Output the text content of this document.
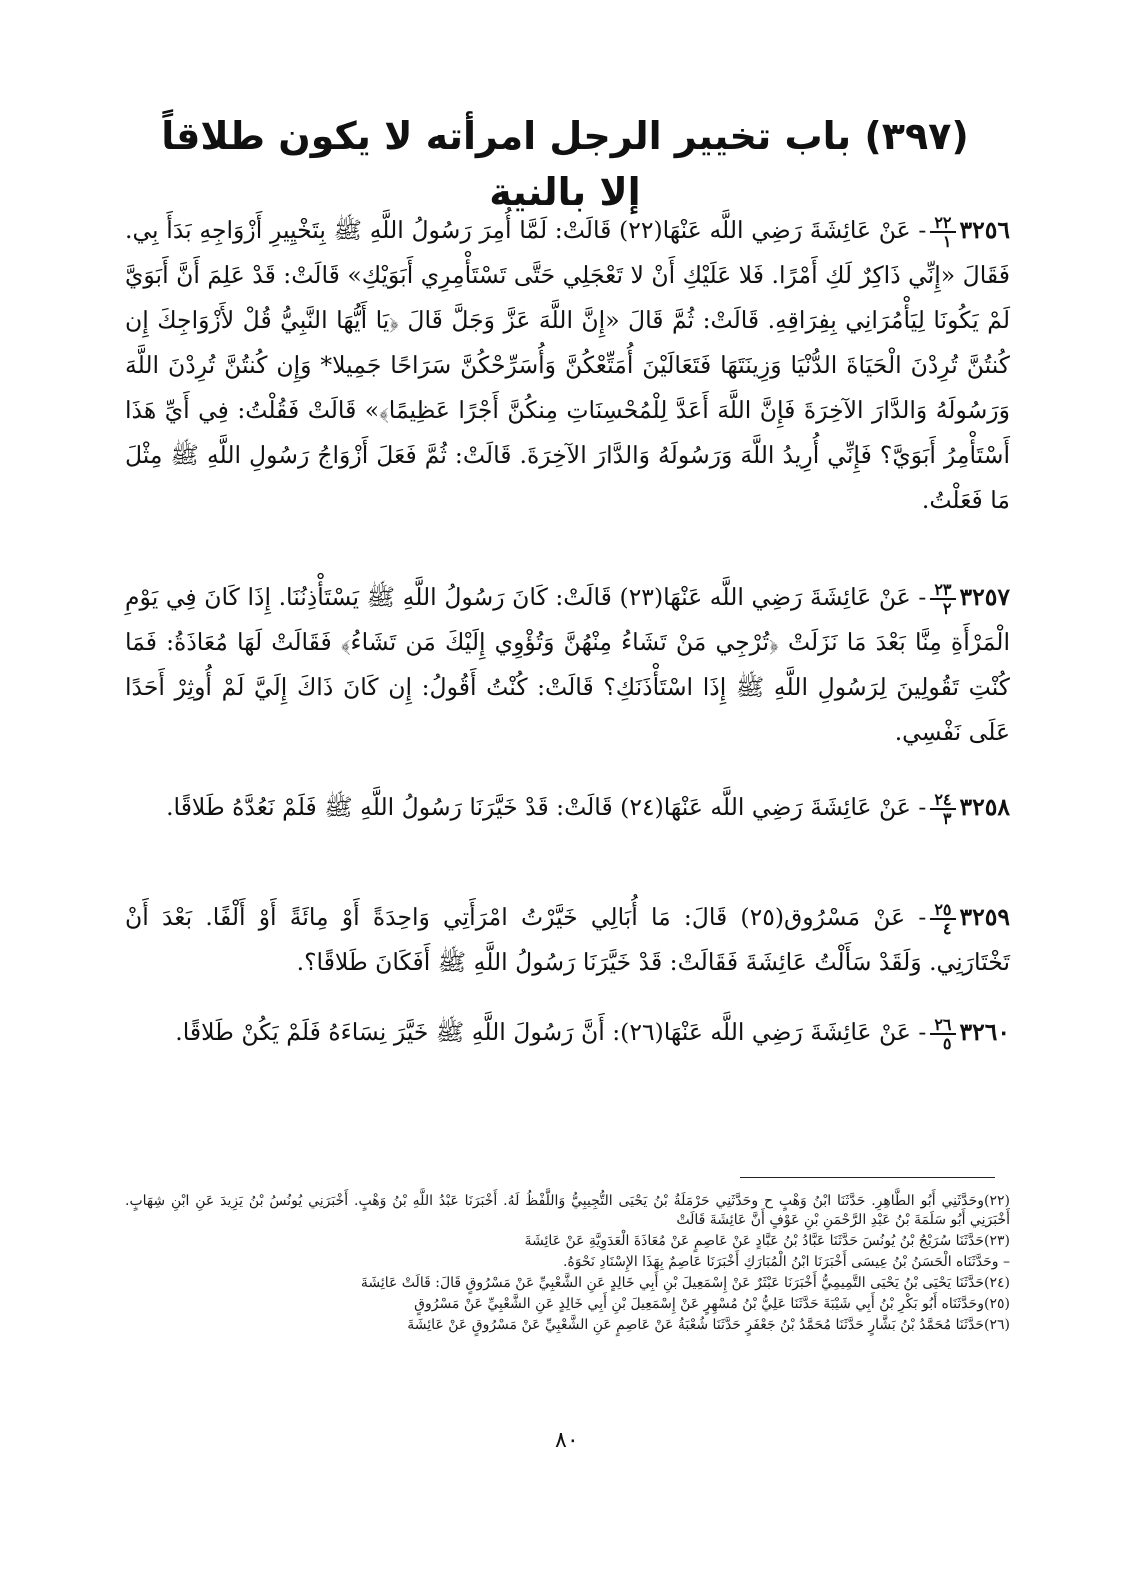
(٣٩٧) باب تخيير الرجل امرأته لا يكون طلاقاً إلا بالنية
٣٢٥٦
٢٢
١
- عَنْ عَائِشَةَ رَضِي اللَّه عَنْهَا(٢٢) قَالَتْ: لَمَّا أُمِرَ رَسُولُ اللَّهِ ﷺ بِتَخْيِيرِ أَزْوَاجِهِ بَدَأَ بِي. فَقَالَ «إِنِّي ذَاكِرٌ لَكِ أَمْرًا. فَلا عَلَيْكِ أَنْ لا تَعْجَلِي حَتَّى تَسْتَأْمِرِي أَبَوَيْكِ» قَالَتْ: قَدْ عَلِمَ أَنَّ أَبَوَيَّ لَمْ يَكُونَا لِيَأْمُرَانِي بِفِرَاقِهِ. قَالَتْ: ثُمَّ قَالَ «إِنَّ اللَّهَ عَزَّ وَجَلَّ قَالَ ﴿يَا أَيُّهَا النَّبِيُّ قُلْ لأَزْوَاجِكَ إِن كُنتُنَّ تُرِدْنَ الْحَيَاةَ الدُّنْيَا وَزِينَتَهَا فَتَعَالَيْنَ أُمَتِّعْكُنَّ وَأُسَرِّحْكُنَّ سَرَاحًا جَمِيلا* وَإِن كُنتُنَّ تُرِدْنَ اللَّهَ وَرَسُولَهُ وَالدَّارَ الآخِرَةَ فَإِنَّ اللَّهَ أَعَدَّ لِلْمُحْسِنَاتِ مِنكُنَّ أَجْرًا عَظِيمًا﴾» قَالَتْ فَقُلْتُ: فِي أَيِّ هَذَا أَسْتَأْمِرُ أَبَوَيَّ؟ فَإِنِّي أُرِيدُ اللَّهَ وَرَسُولَهُ وَالدَّارَ الآخِرَةَ. قَالَتْ: ثُمَّ فَعَلَ أَزْوَاجُ رَسُولِ اللَّهِ ﷺ مِثْلَ مَا فَعَلْتُ.
٣٢٥٧
٢٣
٢
- عَنْ عَائِشَةَ رَضِي اللَّه عَنْهَا(٢٣) قَالَتْ: كَانَ رَسُولُ اللَّهِ ﷺ يَسْتَأْذِنُنَا. إِذَا كَانَ فِي يَوْمِ الْمَرْأَةِ مِنَّا بَعْدَ مَا نَزَلَتْ ﴿تُرْجِي مَنْ تَشَاءُ مِنْهُنَّ وَتُؤْوِي إِلَيْكَ مَن تَشَاءُ﴾ فَقَالَتْ لَهَا مُعَاذَةُ: فَمَا كُنْتِ تَقُولِينَ لِرَسُولِ اللَّهِ ﷺ إِذَا اسْتَأْذَنَكِ؟ قَالَتْ: كُنْتُ أَقُولُ: إِن كَانَ ذَاكَ إِلَيَّ لَمْ أُوثِرْ أَحَدًا عَلَى نَفْسِي.
٣٢٥٨
٢٤
٣
- عَنْ عَائِشَةَ رَضِي اللَّه عَنْهَا(٢٤) قَالَتْ: قَدْ خَيَّرَنَا رَسُولُ اللَّهِ ﷺ فَلَمْ نَعُدَّهُ طَلاقًا.
٣٢٥٩
٢٥
٤
- عَنْ مَسْرُوق(٢٥) قَالَ: مَا أُبَالِي خَيَّرْتُ امْرَأَتِي وَاحِدَةً أَوْ مِائَةً أَوْ أَلْفًا. بَعْدَ أَنْ تَخْتَارَنِي. وَلَقَدْ سَأَلْتُ عَائِشَةَ فَقَالَتْ: قَدْ خَيَّرَنَا رَسُولُ اللَّهِ ﷺ أَفَكَانَ طَلاقًا؟.
٣٢٦٠
٢٦
٥
- عَنْ عَائِشَةَ رَضِي اللَّه عَنْهَا(٢٦): أَنَّ رَسُولَ اللَّهِ ﷺ خَيَّرَ نِسَاءَهُ فَلَمْ يَكُنْ طَلاقًا.
(٢٢)وحَدَّثَنِي أَبُو الطَّاهِرِ. حَدَّثَنَا ابْنُ وَهْبٍ ح وحَدَّثَنِي حَرْمَلَةُ بْنُ يَحْيَى التُّجِيبِيُّ وَاللَّفْظُ لَهُ. أَخْبَرَنَا عَبْدُ اللَّهِ بْنُ وَهْبٍ. أَخْبَرَنِي يُونُسُ بْنُ يَزِيدَ عَنِ ابْنِ شِهَابٍ. أَخْبَرَنِي أَبُو سَلَمَةَ بْنُ عَبْدِ الرَّحْمَنِ بْنِ عَوْفٍ أَنَّ عَائِشَةَ قَالَتْ
(٢٣)حَدَّثَنَا سُرَيْجُ بْنُ يُونُسَ حَدَّثَنَا عَبَّادُ بْنُ عَبَّادٍ عَنْ عَاصِمٍ عَنْ مُعَاذَةَ الْعَدَوِيَّةِ عَنْ عَائِشَةَ
– وحَدَّثَنَاه الْحَسَنُ بْنُ عِيسَى أَخْبَرَنَا ابْنُ الْمُبَارَكِ أَخْبَرَنَا عَاصِمٌ بِهَذَا الإِسْنَادِ نَحْوَهُ.
(٢٤)حَدَّثَنَا يَحْيَى بْنُ يَحْيَى التَّمِيمِيُّ أَخْبَرَنَا عَبْثَرٌ عَنْ إِسْمَعِيلَ بْنِ أَبِي خَالِدٍ عَنِ الشَّعْبِيِّ عَنْ مَسْرُوقٍ قَالَ: قَالَتْ عَائِشَةَ
(٢٥)وحَدَّثَنَاه أَبُو بَكْرِ بْنُ أَبِي شَيْبَةَ حَدَّثَنَا عَلِيُّ بْنُ مُسْهِرٍ عَنْ إِسْمَعِيلَ بْنِ أَبِي خَالِدٍ عَنِ الشَّعْبِيِّ عَنْ مَسْرُوقٍ
(٢٦)حَدَّثَنَا مُحَمَّدُ بْنُ بَشَّارٍ حَدَّثَنَا مُحَمَّدُ بْنُ جَعْفَرٍ حَدَّثَنَا شُعْبَةُ عَنْ عَاصِمٍ عَنِ الشَّعْبِيِّ عَنْ مَسْرُوقٍ عَنْ عَائِشَةَ
٨٠
